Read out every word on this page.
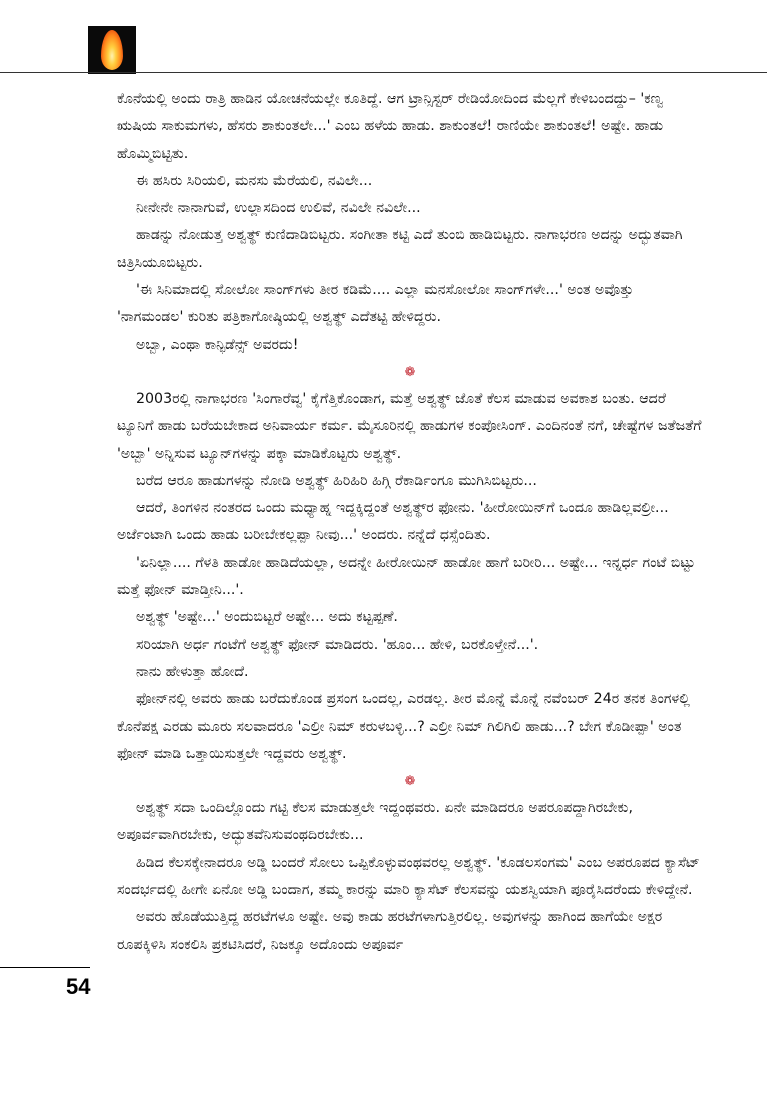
ಕೊನೆಯಲ್ಲಿ ಅಂದು ರಾತ್ರಿ ಹಾಡಿನ ಯೋಚನೆಯಲ್ಲೇ ಕೂತಿದ್ದೆ. ಆಗ ಟ್ರಾನ್ಸಿಸ್ಟರ್ ರೇಡಿಯೋದಿಂದ ಮೆಲ್ಲಗೆ ಕೇಳಿಬಂದದ್ದು– 'ಕಣ್ವ ಋಷಿಯ ಸಾಕುಮಗಳು, ಹೆಸರು ಶಾಕುಂತಲೇ...' ಎಂಬ ಹಳೆಯ ಹಾಡು. ಶಾಕುಂತಲೆ! ರಾಣಿಯೇ ಶಾಕುಂತಲೆ! ಅಷ್ಟೇ. ಹಾಡು ಹೊಮ್ಮಿಬಿಟ್ಟಿತು.

ಈ ಹಸಿರು ಸಿರಿಯಲಿ, ಮನಸು ಮೆರೆಯಲಿ, ನವಿಲೇ...

ನೀನೇನೇ ನಾನಾಗುವೆ, ಉಲ್ಲಾಸದಿಂದ ಉಲಿವೆ, ನವಿಲೇ ನವಿಲೇ...

ಹಾಡನ್ನು ನೋಡುತ್ತ ಅಶ್ವತ್ಥ್ ಕುಣಿದಾಡಿಬಿಟ್ಟರು. ಸಂಗೀತಾ ಕಟ್ಟಿ ಎದೆ ತುಂಬಿ ಹಾಡಿಬಿಟ್ಟರು. ನಾಗಾಭರಣ ಅದನ್ನು ಅದ್ಭುತವಾಗಿ ಚಿತ್ರಿಸಿಯೂಬಿಟ್ಟರು.

'ಈ ಸಿನಿಮಾದಲ್ಲಿ ಸೋಲೋ ಸಾಂಗ್‌ಗಳು ತೀರ ಕಡಿಮೆ.... ಎಲ್ಲಾ ಮನಸೋಲೋ ಸಾಂಗ್‌ಗಳೇ...' ಅಂತ ಅವೊತ್ತು 'ನಾಗಮಂಡಲ' ಕುರಿತು ಪತ್ರಿಕಾಗೋಷ್ಠಿಯಲ್ಲಿ ಅಶ್ವತ್ಥ್ ಎದೆತಟ್ಟಿ ಹೇಳಿದ್ದರು.

ಅಬ್ಬಾ, ಎಂಥಾ ಕಾನ್ಫಿಡೆನ್ಸ್ ಅವರದು!

❁

2003ರಲ್ಲಿ ನಾಗಾಭರಣ 'ಸಿಂಗಾರೆವ್ವ' ಕೈಗೆತ್ತಿಕೊಂಡಾಗ, ಮತ್ತೆ ಅಶ್ವತ್ಥ್ ಜೊತೆ ಕೆಲಸ ಮಾಡುವ ಅವಕಾಶ ಬಂತು. ಆದರೆ ಟ್ಯೂನಿಗೆ ಹಾಡು ಬರೆಯಬೇಕಾದ ಅನಿವಾರ್ಯ ಕರ್ಮ. ಮೈಸೂರಿನಲ್ಲಿ ಹಾಡುಗಳ ಕಂಪೋಸಿಂಗ್. ಎಂದಿನಂತೆ ನಗೆ, ಚೇಷ್ಟೆಗಳ ಜತೆಜತೆಗೆ 'ಅಬ್ಬಾ' ಅನ್ನಿಸುವ ಟ್ಯೂನ್‌ಗಳನ್ನು ಪಕ್ಕಾ ಮಾಡಿಕೊಟ್ಟರು ಅಶ್ವತ್ಥ್.

ಬರೆದ ಆರೂ ಹಾಡುಗಳನ್ನು ನೋಡಿ ಅಶ್ವತ್ಥ್ ಹಿರಿಹಿರಿ ಹಿಗ್ಗಿ ರೆಕಾರ್ಡಿಂಗೂ ಮುಗಿಸಿಬಿಟ್ಟರು...

ಆದರೆ, ತಿಂಗಳಿನ ನಂತರದ ಒಂದು ಮಧ್ಯಾಹ್ನ ಇದ್ದಕ್ಕಿದ್ದಂತೆ ಅಶ್ವತ್ಥ್‌ರ ಫೋನು. 'ಹೀರೋಯಿನ್‌ಗೆ ಒಂದೂ ಹಾಡಿಲ್ಲವಲ್ರೀ... ಅರ್ಜೆಂಟಾಗಿ ಒಂದು ಹಾಡು ಬರೀಬೇಕಲ್ಲಪ್ಪಾ ನೀವು...' ಅಂದರು. ನನ್ನೆದೆ ಧಸ್ಸೆಂದಿತು.

'ಏನಿಲ್ಲಾ.... ಗೆಳತಿ ಹಾಡೋ ಹಾಡಿದೆಯಲ್ಲಾ, ಅದನ್ನೇ ಹೀರೋಯಿನ್ ಹಾಡೋ ಹಾಗೆ ಬರೀರಿ... ಅಷ್ಟೇ... ಇನ್ನರ್ಧ ಗಂಟೆ ಬಿಟ್ಟು ಮತ್ತೆ ಫೋನ್ ಮಾಡ್ತೀನಿ...'.

ಅಶ್ವತ್ಥ್ 'ಅಷ್ಟೇ...' ಅಂದುಬಿಟ್ಟರೆ ಅಷ್ಟೇ... ಅದು ಕಟ್ಟಪ್ಪಣೆ.

ಸರಿಯಾಗಿ ಅರ್ಧ ಗಂಟೆಗೆ ಅಶ್ವತ್ಥ್ ಫೋನ್ ಮಾಡಿದರು. 'ಹೂಂ... ಹೇಳಿ, ಬರಕೊಳ್ತೇನೆ...'.

ನಾನು ಹೇಳುತ್ತಾ ಹೋದೆ.

ಫೋನ್‌ನಲ್ಲಿ ಅವರು ಹಾಡು ಬರೆದುಕೊಂಡ ಪ್ರಸಂಗ ಒಂದಲ್ಲ, ಎರಡಲ್ಲ. ತೀರ ಮೊನ್ನೆ ಮೊನ್ನೆ ನವೆಂಬರ್ 24ರ ತನಕ ತಿಂಗಳಲ್ಲಿ ಕೊನೆಪಕ್ಷ ಎರಡು ಮೂರು ಸಲವಾದರೂ 'ಎಲ್ರೀ ನಿಮ್ ಕರುಳಬಳ್ಳಿ...? ಎಲ್ರೀ ನಿಮ್ ಗಿಲಿಗಿಲಿ ಹಾಡು...? ಬೇಗ ಕೊಡೀಪ್ಪಾ' ಅಂತ ಫೋನ್ ಮಾಡಿ ಒತ್ತಾಯಿಸುತ್ತಲೇ ಇದ್ದವರು ಅಶ್ವತ್ಥ್.

❁

ಅಶ್ವತ್ಥ್ ಸದಾ ಒಂದಿಲ್ಲೊಂದು ಗಟ್ಟಿ ಕೆಲಸ ಮಾಡುತ್ತಲೇ ಇದ್ದಂಥವರು. ಏನೇ ಮಾಡಿದರೂ ಅಪರೂಪದ್ದಾಗಿರಬೇಕು, ಅಪೂರ್ವವಾಗಿರಬೇಕು, ಅದ್ಭುತವೆನಿಸುವಂಥದಿರಬೇಕು...

ಹಿಡಿದ ಕೆಲಸಕ್ಕೇನಾದರೂ ಅಡ್ಡಿ ಬಂದರೆ ಸೋಲು ಒಪ್ಪಿಕೊಳ್ಳುವಂಥವರಲ್ಲ ಅಶ್ವತ್ಥ್. 'ಕೂಡಲಸಂಗಮ' ಎಂಬ ಅಪರೂಪದ ಕ್ಯಾಸೆಟ್ ಸಂದರ್ಭದಲ್ಲಿ ಹೀಗೇ ಏನೋ ಅಡ್ಡಿ ಬಂದಾಗ, ತಮ್ಮ ಕಾರನ್ನು ಮಾರಿ ಕ್ಯಾಸೆಟ್ ಕೆಲಸವನ್ನು ಯಶಸ್ವಿಯಾಗಿ ಪೂರೈಸಿದರೆಂದು ಕೇಳಿದ್ದೇನೆ.

ಅವರು ಹೊಡೆಯುತ್ತಿದ್ದ ಹರಟೆಗಳೂ ಅಷ್ಟೇ. ಅವು ಕಾಡು ಹರಟೆಗಳಾಗುತ್ತಿರಲಿಲ್ಲ. ಅವುಗಳನ್ನು ಹಾಗಿಂದ ಹಾಗೆಯೇ ಅಕ್ಷರ ರೂಪಕ್ಕಿಳಿಸಿ ಸಂಕಲಿಸಿ ಪ್ರಕಟಿಸಿದರೆ, ನಿಜಕ್ಕೂ ಅದೊಂದು ಅಪೂರ್ವ

54
